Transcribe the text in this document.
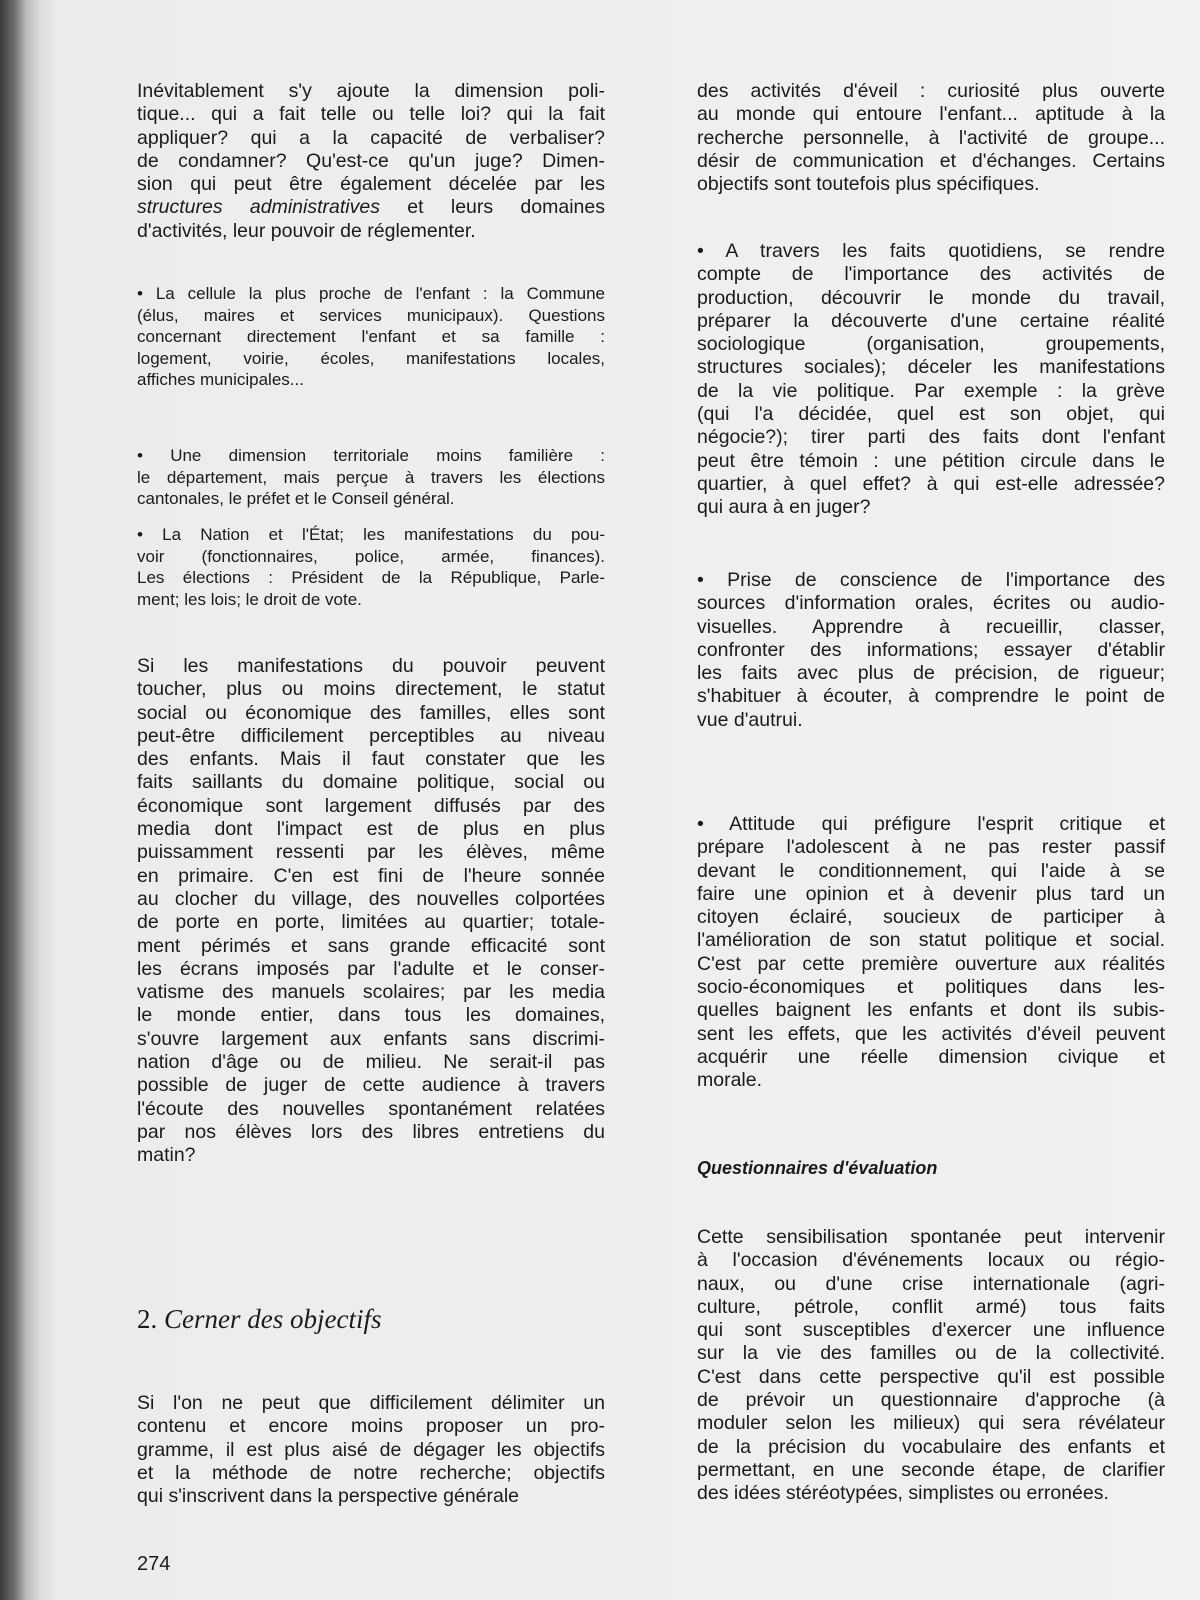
Inévitablement s'y ajoute la dimension poli-
tique... qui a fait telle ou telle loi? qui la fait
appliquer? qui a la capacité de verbaliser?
de condamner? Qu'est-ce qu'un juge? Dimen-
sion qui peut être également décelée par les
structures administratives et leurs domaines
d'activités, leur pouvoir de réglementer.
• La cellule la plus proche de l'enfant : la Commune
(élus, maires et services municipaux). Questions
concernant directement l'enfant et sa famille :
logement, voirie, écoles, manifestations locales,
affiches municipales...
• Une dimension territoriale moins familière :
le département, mais perçue à travers les élections
cantonales, le préfet et le Conseil général.
• La Nation et l'État; les manifestations du pou-
voir (fonctionnaires, police, armée, finances).
Les élections : Président de la République, Parle-
ment; les lois; le droit de vote.
Si les manifestations du pouvoir peuvent
toucher, plus ou moins directement, le statut
social ou économique des familles, elles sont
peut-être difficilement perceptibles au niveau
des enfants. Mais il faut constater que les
faits saillants du domaine politique, social ou
économique sont largement diffusés par des
media dont l'impact est de plus en plus
puissamment ressenti par les élèves, même
en primaire. C'en est fini de l'heure sonnée
au clocher du village, des nouvelles colportées
de porte en porte, limitées au quartier; totale-
ment périmés et sans grande efficacité sont
les écrans imposés par l'adulte et le conser-
vatisme des manuels scolaires; par les media
le monde entier, dans tous les domaines,
s'ouvre largement aux enfants sans discrimi-
nation d'âge ou de milieu. Ne serait-il pas
possible de juger de cette audience à travers
l'écoute des nouvelles spontanément relatées
par nos élèves lors des libres entretiens du
matin?
Si l'on ne peut que difficilement délimiter un
contenu et encore moins proposer un pro-
gramme, il est plus aisé de dégager les objectifs
et la méthode de notre recherche; objectifs
qui s'inscrivent dans la perspective générale
des activités d'éveil : curiosité plus ouverte
au monde qui entoure l'enfant... aptitude à la
recherche personnelle, à l'activité de groupe...
désir de communication et d'échanges. Certains
objectifs sont toutefois plus spécifiques.
• A travers les faits quotidiens, se rendre
compte de l'importance des activités de
production, découvrir le monde du travail,
préparer la découverte d'une certaine réalité
sociologique (organisation, groupements,
structures sociales); déceler les manifestations
de la vie politique. Par exemple : la grève
(qui l'a décidée, quel est son objet, qui
négocie?); tirer parti des faits dont l'enfant
peut être témoin : une pétition circule dans le
quartier, à quel effet? à qui est-elle adressée?
qui aura à en juger?
• Prise de conscience de l'importance des
sources d'information orales, écrites ou audio-
visuelles. Apprendre à recueillir, classer,
confronter des informations; essayer d'établir
les faits avec plus de précision, de rigueur;
s'habituer à écouter, à comprendre le point de
vue d'autrui.
• Attitude qui préfigure l'esprit critique et
prépare l'adolescent à ne pas rester passif
devant le conditionnement, qui l'aide à se
faire une opinion et à devenir plus tard un
citoyen éclairé, soucieux de participer à
l'amélioration de son statut politique et social.
C'est par cette première ouverture aux réalités
socio-économiques et politiques dans les-
quelles baignent les enfants et dont ils subis-
sent les effets, que les activités d'éveil peuvent
acquérir une réelle dimension civique et
morale.
Cette sensibilisation spontanée peut intervenir
à l'occasion d'événements locaux ou régio-
naux, ou d'une crise internationale (agri-
culture, pétrole, conflit armé) tous faits
qui sont susceptibles d'exercer une influence
sur la vie des familles ou de la collectivité.
C'est dans cette perspective qu'il est possible
de prévoir un questionnaire d'approche (à
moduler selon les milieux) qui sera révélateur
de la précision du vocabulaire des enfants et
permettant, en une seconde étape, de clarifier
des idées stéréotypées, simplistes ou erronées.
2. Cerner des objectifs
Questionnaires d'évaluation
274
